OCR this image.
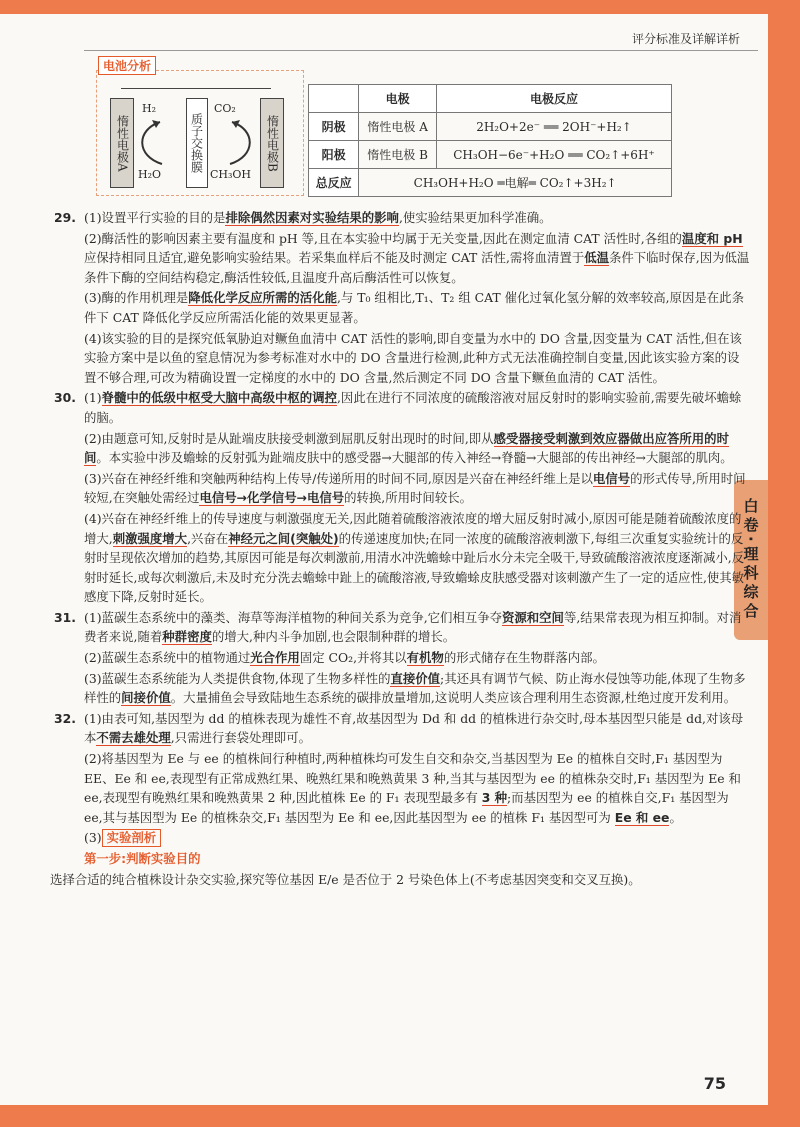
评分标准及详解详析
白卷·理科综合
电池分析
惰性电极A	质子交换膜	惰性电极B
H₂	CO₂
H₂O	CH₃OH
	电极	电极反应
阴极	惰性电极 A	2H₂O+2e⁻ ══ 2OH⁻+H₂↑
阳极	惰性电极 B	CH₃OH−6e⁻+H₂O ══ CO₂↑+6H⁺
总反应	CH₃OH+H₂O ═电解═ CO₂↑+3H₂↑	
29. (1)设置平行实验的目的是排除偶然因素对实验结果的影响,使实验结果更加科学准确。

(2)酶活性的影响因素主要有温度和 pH 等,且在本实验中均属于无关变量,因此在测定血清 CAT 活性时,各组的温度和 pH 应保持相同且适宜,避免影响实验结果。若采集血样后不能及时测定 CAT 活性,需将血清置于低温条件下临时保存,因为低温条件下酶的空间结构稳定,酶活性较低,且温度升高后酶活性可以恢复。

(3)酶的作用机理是降低化学反应所需的活化能,与 T₀ 组相比,T₁、T₂ 组 CAT 催化过氧化氢分解的效率较高,原因是在此条件下 CAT 降低化学反应所需活化能的效果更显著。

(4)该实验的目的是探究低氧胁迫对鳜鱼血清中 CAT 活性的影响,即自变量为水中的 DO 含量,因变量为 CAT 活性,但在该实验方案中是以鱼的窒息情况为参考标准对水中的 DO 含量进行检测,此种方式无法准确控制自变量,因此该实验方案的设置不够合理,可改为精确设置一定梯度的水中的 DO 含量,然后测定不同 DO 含量下鳜鱼血清的 CAT 活性。

30. (1)脊髓中的低级中枢受大脑中高级中枢的调控,因此在进行不同浓度的硫酸溶液对屈反射时的影响实验前,需要先破坏蟾蜍的脑。

(2)由题意可知,反射时是从趾端皮肤接受刺激到屈肌反射出现时的时间,即从感受器接受刺激到效应器做出应答所用的时间。本实验中涉及蟾蜍的反射弧为趾端皮肤中的感受器→大腿部的传入神经→脊髓→大腿部的传出神经→大腿部的肌肉。

(3)兴奋在神经纤维和突触两种结构上传导/传递所用的时间不同,原因是兴奋在神经纤维上是以电信号的形式传导,所用时间较短,在突触处需经过电信号→化学信号→电信号的转换,所用时间较长。

(4)兴奋在神经纤维上的传导速度与刺激强度无关,因此随着硫酸溶液浓度的增大屈反射时减小,原因可能是随着硫酸浓度的增大,刺激强度增大,兴奋在神经元之间(突触处)的传递速度加快;在同一浓度的硫酸溶液刺激下,每组三次重复实验统计的反射时呈现依次增加的趋势,其原因可能是每次刺激前,用清水冲洗蟾蜍中趾后水分未完全吸干,导致硫酸溶液浓度逐渐减小,反射时延长,或每次刺激后,未及时充分洗去蟾蜍中趾上的硫酸溶液,导致蟾蜍皮肤感受器对该刺激产生了一定的适应性,使其敏感度下降,反射时延长。

31. (1)蓝碳生态系统中的藻类、海草等海洋植物的种间关系为竞争,它们相互争夺资源和空间等,结果常表现为相互抑制。对消费者来说,随着种群密度的增大,种内斗争加剧,也会限制种群的增长。

(2)蓝碳生态系统中的植物通过光合作用固定 CO₂,并将其以有机物的形式储存在生物群落内部。

(3)蓝碳生态系统能为人类提供食物,体现了生物多样性的直接价值;其还具有调节气候、防止海水侵蚀等功能,体现了生物多样性的间接价值。大量捕鱼会导致陆地生态系统的碳排放量增加,这说明人类应该合理利用生态资源,杜绝过度开发利用。

32. (1)由表可知,基因型为 dd 的植株表现为雄性不育,故基因型为 Dd 和 dd 的植株进行杂交时,母本基因型只能是 dd,对该母本不需去雄处理,只需进行套袋处理即可。

(2)将基因型为 Ee 与 ee 的植株间行种植时,两种植株均可发生自交和杂交,当基因型为 Ee 的植株自交时,F₁ 基因型为 EE、Ee 和 ee,表现型有正常成熟红果、晚熟红果和晚熟黄果 3 种,当其与基因型为 ee 的植株杂交时,F₁ 基因型为 Ee 和 ee,表现型有晚熟红果和晚熟黄果 2 种,因此植株 Ee 的 F₁ 表现型最多有 3 种;而基因型为 ee 的植株自交,F₁ 基因型为 ee,其与基因型为 Ee 的植株杂交,F₁ 基因型为 Ee 和 ee,因此基因型为 ee 的植株 F₁ 基因型可为 Ee 和 ee。

(3) 实验剖析

第一步:判断实验目的

选择合适的纯合植株设计杂交实验,探究等位基因 E/e 是否位于 2 号染色体上(不考虑基因突变和交叉互换)。

75
